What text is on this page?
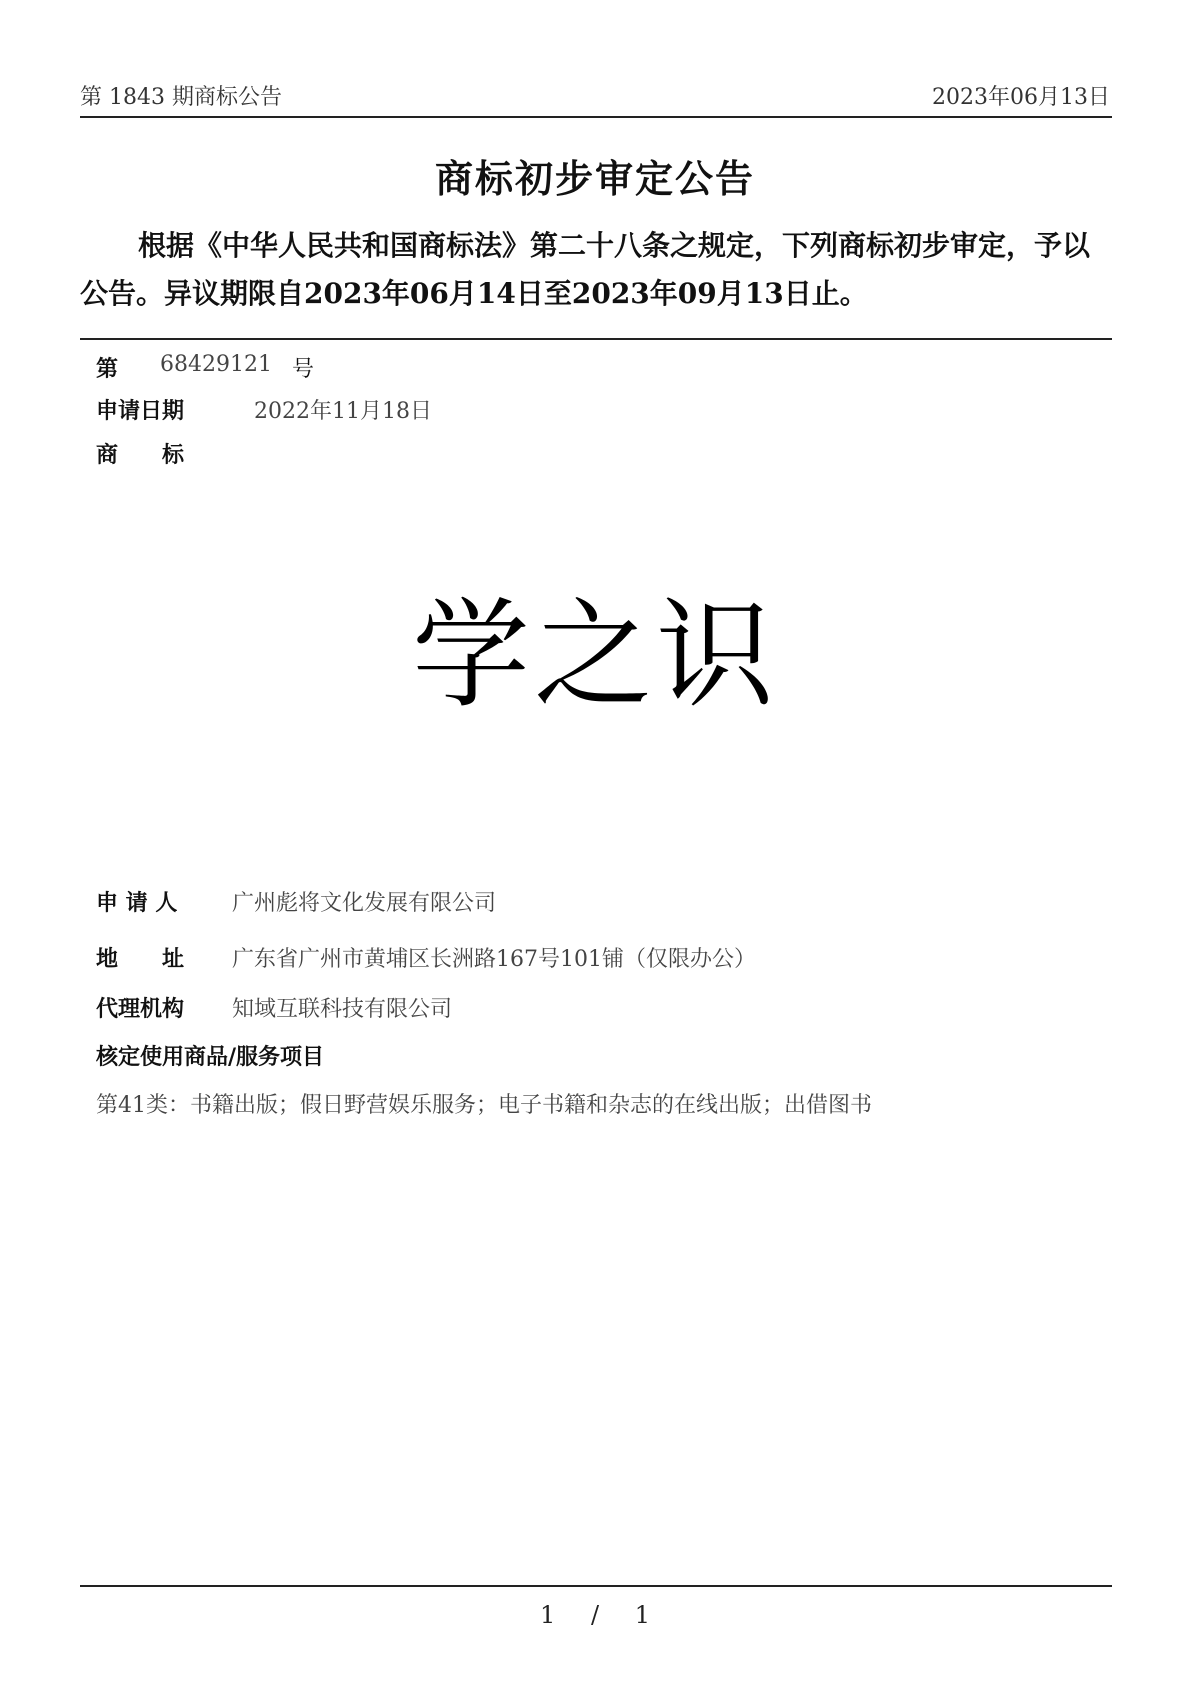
第 1843 期商标公告	2023年06月13日
商标初步审定公告

根据《中华人民共和国商标法》第二十八条之规定，下列商标初步审定，予以公告。异议期限自2023年06月14日至2023年09月13日止。

第 68429121 号
申请日期	2022年11月18日
商　　标
学之识
申 请 人 广州彪将文化发展有限公司
地　　址 广东省广州市黄埔区长洲路167号101铺（仅限办公）
代理机构 知域互联科技有限公司
核定使用商品/服务项目
第41类：书籍出版；假日野营娱乐服务；电子书籍和杂志的在线出版；出借图书
1 / 1
